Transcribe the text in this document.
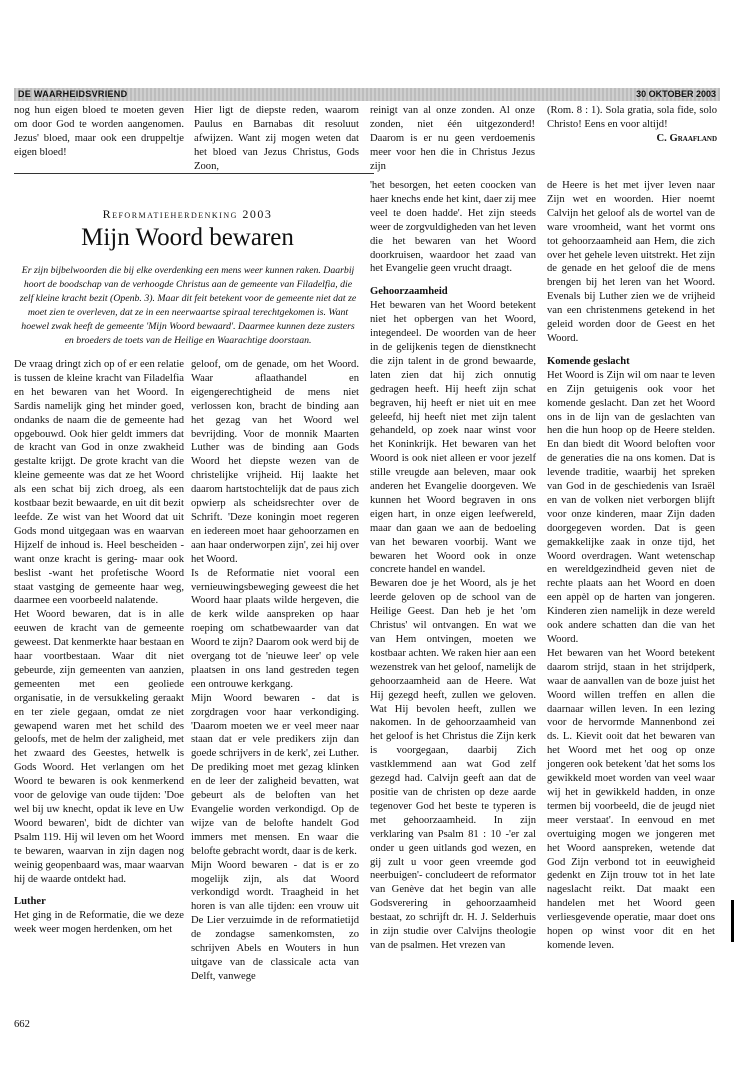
DE WAARHEIDSVRIEND	30 OKTOBER 2003

nog hun eigen bloed te moeten geven om door God te worden aangenomen. Jezus' bloed, maar ook een druppeltje eigen bloed!

Hier ligt de diepste reden, waarom Paulus en Barnabas dit resoluut afwijzen. Want zij mogen weten dat het bloed van Jezus Christus, Gods Zoon,

reinigt van al onze zonden. Al onze zonden, niet één uitgezonderd! Daarom is er nu geen verdoemenis meer voor hen die in Christus Jezus zijn

(Rom. 8 : 1). Sola gratia, sola fide, solo Christo! Eens en voor altijd!

C. Graafland

Reformatieherdenking 2003
Mijn Woord bewaren
Er zijn bijbelwoorden die bij elke overdenking een mens weer kunnen raken. Daarbij hoort de boodschap van de verhoogde Christus aan de gemeente van Filadelfia, die zelf kleine kracht bezit (Openb. 3). Maar dit feit betekent voor de gemeente niet dat ze moet zien te overleven, dat ze in een neerwaartse spiraal terechtgekomen is. Want hoewel zwak heeft de gemeente 'Mijn Woord bewaard'. Daarmee kunnen deze zusters en broeders de toets van de Heilige en Waarachtige doorstaan.

De vraag dringt zich op of er een relatie is tussen de kleine kracht van Filadelfia en het bewaren van het Woord. In Sardis namelijk ging het minder goed, ondanks de naam die de gemeente had opgebouwd. Ook hier geldt immers dat de kracht van God in onze zwakheid gestalte krijgt. De grote kracht van die kleine gemeente was dat ze het Woord als een schat bij zich droeg, als een kostbaar bezit bewaarde, en uit dit bezit leefde. Ze wist van het Woord dat uit Gods mond uitgegaan was en waarvan Hijzelf de inhoud is. Heel bescheiden -want onze kracht is gering- maar ook beslist -want het profetische Woord staat vastging de gemeente haar weg, daarmee een voorbeeld nalatende.

Het Woord bewaren, dat is in alle eeuwen de kracht van de gemeente geweest. Dat kenmerkte haar bestaan en haar voortbestaan. Waar dit niet gebeurde, zijn gemeenten van aanzien, gemeenten met een geoliede organisatie, in de versukkeling geraakt en ter ziele gegaan, omdat ze niet gewapend waren met het schild des geloofs, met de helm der zaligheid, met het zwaard des Geestes, hetwelk is Gods Woord. Het verlangen om het Woord te bewaren is ook kenmerkend voor de gelovige van oude tijden: 'Doe wel bij uw knecht, opdat ik leve en Uw Woord bewaren', bidt de dichter van Psalm 119. Hij wil leven om het Woord te bewaren, waarvan in zijn dagen nog weinig geopenbaard was, maar waarvan hij de waarde ontdekt had.

Luther

Het ging in de Reformatie, die we deze week weer mogen herdenken, om het

geloof, om de genade, om het Woord. Waar aflaathandel en eigengerechtigheid de mens niet verlossen kon, bracht de binding aan het gezag van het Woord wel bevrijding. Voor de monnik Maarten Luther was de binding aan Gods Woord het diepste wezen van de christelijke vrijheid. Hij laakte het daarom hartstochtelijk dat de paus zich opwierp als scheidsrechter over de Schrift. 'Deze koningin moet regeren en iedereen moet haar gehoorzamen en aan haar onderworpen zijn', zei hij over het Woord.

Is de Reformatie niet vooral een vernieuwingsbeweging geweest die het Woord haar plaats wilde hergeven, die de kerk wilde aanspreken op haar roeping om schatbewaarder van dat Woord te zijn? Daarom ook werd bij de overgang tot de 'nieuwe leer' op vele plaatsen in ons land gestreden tegen een ontrouwe kerkgang.

Mijn Woord bewaren - dat is zorgdragen voor haar verkondiging. 'Daarom moeten we er veel meer naar staan dat er vele predikers zijn dan goede schrijvers in de kerk', zei Luther. De prediking moet met gezag klinken en de leer der zaligheid bevatten, wat gebeurt als de beloften van het Evangelie worden verkondigd. Op de wijze van de belofte handelt God immers met mensen. En waar die belofte gebracht wordt, daar is de kerk.

Mijn Woord bewaren - dat is er zo mogelijk zijn, als dat Woord verkondigd wordt. Traagheid in het horen is van alle tijden: een vrouw uit De Lier verzuimde in de reformatietijd de zondagse samenkomsten, zo schrijven Abels en Wouters in hun uitgave van de classicale acta van Delft, vanwege

'het besorgen, het eeten coocken van haer knechs ende het kint, daer zij mee veel te doen hadde'. Het zijn steeds weer de zorgvuldigheden van het leven die het bewaren van het Woord doorkruisen, waardoor het zaad van het Evangelie geen vrucht draagt.

Gehoorzaamheid

Het bewaren van het Woord betekent niet het opbergen van het Woord, integendeel. De woorden van de heer in de gelijkenis tegen de dienstknecht die zijn talent in de grond bewaarde, laten zien dat hij zich onnutig gedragen heeft. Hij heeft zijn schat begraven, hij heeft er niet uit en mee geleefd, hij heeft niet met zijn talent gehandeld, op zoek naar winst voor het Koninkrijk. Het bewaren van het Woord is ook niet alleen er voor jezelf stille vreugde aan beleven, maar ook anderen het Evangelie doorgeven. We kunnen het Woord begraven in ons eigen hart, in onze eigen leefwereld, maar dan gaan we aan de bedoeling van het bewaren voorbij. Want we bewaren het Woord ook in onze concrete handel en wandel.

Bewaren doe je het Woord, als je het leerde geloven op de school van de Heilige Geest. Dan heb je het 'om Christus' wil ontvangen. En wat we van Hem ontvingen, moeten we kostbaar achten. We raken hier aan een wezenstrek van het geloof, namelijk de gehoorzaamheid aan de Heere. Wat Hij gezegd heeft, zullen we geloven. Wat Hij bevolen heeft, zullen we nakomen. In de gehoorzaamheid van het geloof is het Christus die Zijn kerk is voorgegaan, daarbij Zich vastklemmend aan wat God zelf gezegd had. Calvijn geeft aan dat de positie van de christen op deze aarde tegenover God het beste te typeren is met gehoorzaamheid. In zijn verklaring van Psalm 81 : 10 -'er zal onder u geen uitlands god wezen, en gij zult u voor geen vreemde god neerbuigen'- concludeert de reformator van Genève dat het begin van alle Godsverering in gehoorzaamheid bestaat, zo schrijft dr. H. J. Selderhuis in zijn studie over Calvijns theologie van de psalmen. Het vrezen van

de Heere is het met ijver leven naar Zijn wet en woorden. Hier noemt Calvijn het geloof als de wortel van de ware vroomheid, want het vormt ons tot gehoorzaamheid aan Hem, die zich over het gehele leven uitstrekt. Het zijn de genade en het geloof die de mens brengen bij het leren van het Woord. Evenals bij Luther zien we de vrijheid van een christenmens getekend in het geleid worden door de Geest en het Woord.

Komende geslacht

Het Woord is Zijn wil om naar te leven en Zijn getuigenis ook voor het komende geslacht. Dan zet het Woord ons in de lijn van de geslachten van hen die hun hoop op de Heere stelden. En dan biedt dit Woord beloften voor de generaties die na ons komen. Dat is levende traditie, waarbij het spreken van God in de geschiedenis van Israël en van de volken niet verborgen blijft voor onze kinderen, maar Zijn daden doorgegeven worden. Dat is geen gemakkelijke zaak in onze tijd, het Woord overdragen. Want wetenschap en wereldgezindheid geven niet de rechte plaats aan het Woord en doen een appèl op de harten van jongeren. Kinderen zien namelijk in deze wereld ook andere schatten dan die van het Woord.

Het bewaren van het Woord betekent daarom strijd, staan in het strijdperk, waar de aanvallen van de boze juist het Woord willen treffen en allen die daarnaar willen leven. In een lezing voor de hervormde Mannenbond zei ds. L. Kievit ooit dat het bewaren van het Woord met het oog op onze jongeren ook betekent 'dat het soms los gewikkeld moet worden van veel waar wij het in gewikkeld hadden, in onze termen bij voorbeeld, die de jeugd niet meer verstaat'. In eenvoud en met overtuiging mogen we jongeren met het Woord aanspreken, wetende dat God Zijn verbond tot in eeuwigheid gedenkt en Zijn trouw tot in het late nageslacht reikt. Dat maakt een handelen met het Woord geen verliesgevende operatie, maar doet ons hopen op winst voor dit en het komende leven.

662
